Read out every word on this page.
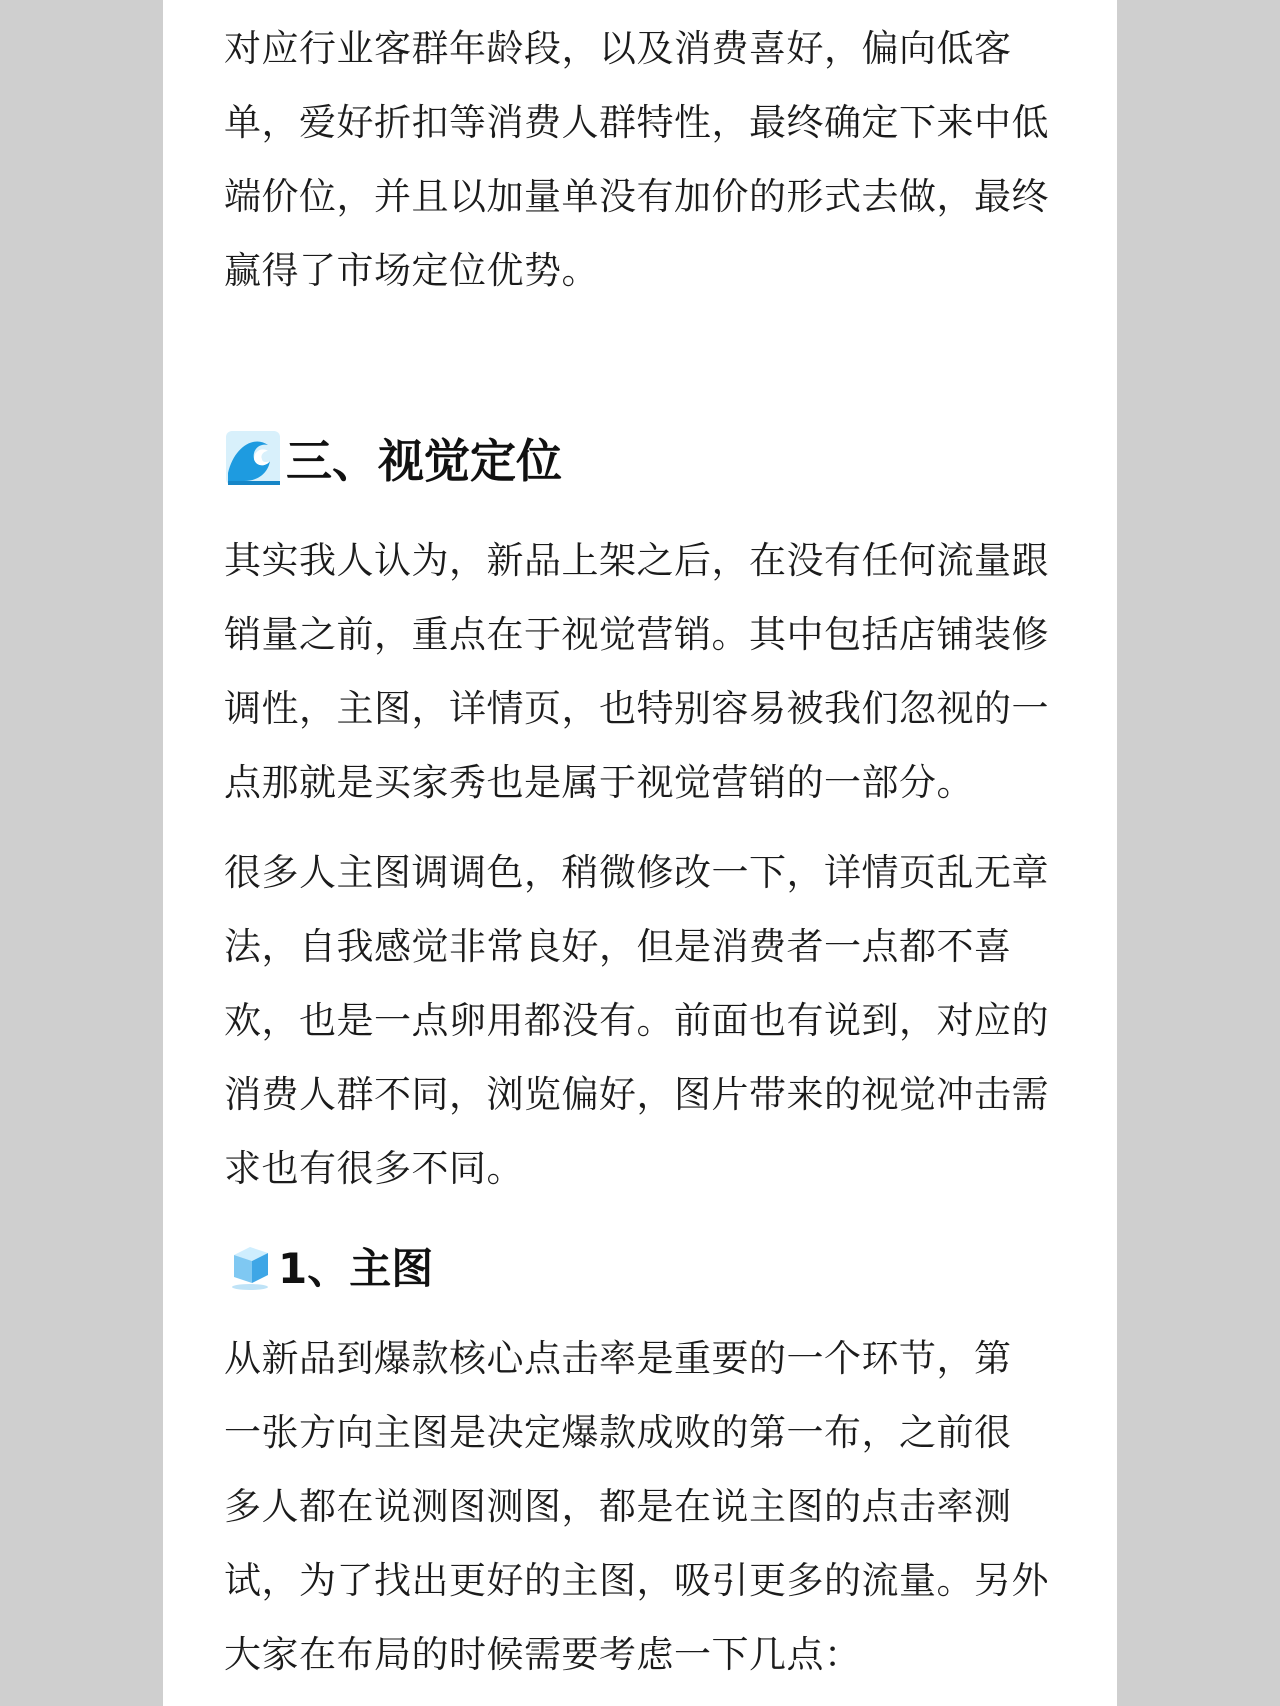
对应行业客群年龄段，以及消费喜好，偏向低客
单，爱好折扣等消费人群特性，最终确定下来中低
端价位，并且以加量单没有加价的形式去做，最终
赢得了市场定位优势。
三、视觉定位
其实我人认为，新品上架之后，在没有任何流量跟
销量之前，重点在于视觉营销。其中包括店铺装修
调性，主图，详情页，也特别容易被我们忽视的一
点那就是买家秀也是属于视觉营销的一部分。
很多人主图调调色，稍微修改一下，详情页乱无章
法，自我感觉非常良好，但是消费者一点都不喜
欢，也是一点卵用都没有。前面也有说到，对应的
消费人群不同，浏览偏好，图片带来的视觉冲击需
求也有很多不同。
1、主图
从新品到爆款核心点击率是重要的一个环节，第
一张方向主图是决定爆款成败的第一布，之前很
多人都在说测图测图，都是在说主图的点击率测
试，为了找出更好的主图，吸引更多的流量。另外
大家在布局的时候需要考虑一下几点：
